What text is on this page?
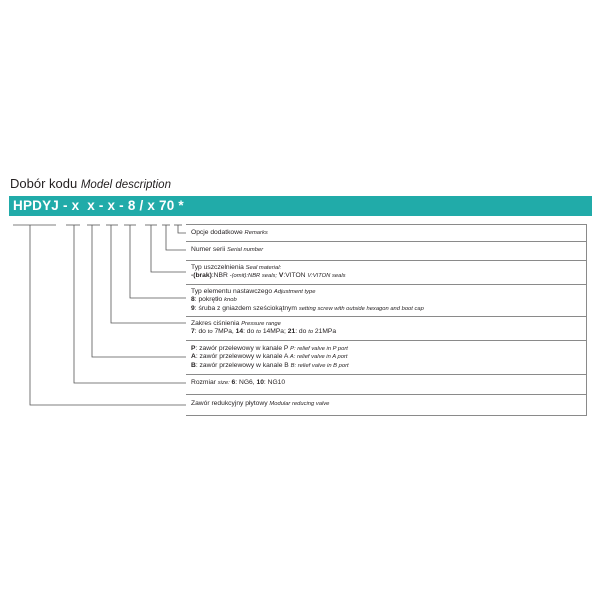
Dobór kodu Model description
HPDYJ - x  x - x - 8 / x 70 *
Opcje dodatkowe Remarks
Numer serii Serial number
Typ uszczelnienia Seal material:
-(brak):NBR -(omit):NBR seals; V:VITON V:VITON seals
Typ elementu nastawczego Adjustment type
8: pokrętło knob
9: śruba z gniazdem sześciokątnym setting screw with outside hexagon and boot cap
Zakres ciśnienia Pressure range
7: do to 7MPa, 14: do to 14MPa; 21: do to 21MPa
P: zawór przelewowy w kanale P P: relief valve in P port
A: zawór przelewowy w kanale A A: relief valve in A port
B: zawór przelewowy w kanale B B: relief valve in B port
Rozmiar size: 6: NG6, 10: NG10
Zawór redukcyjny płytowy Modular reducing valve
